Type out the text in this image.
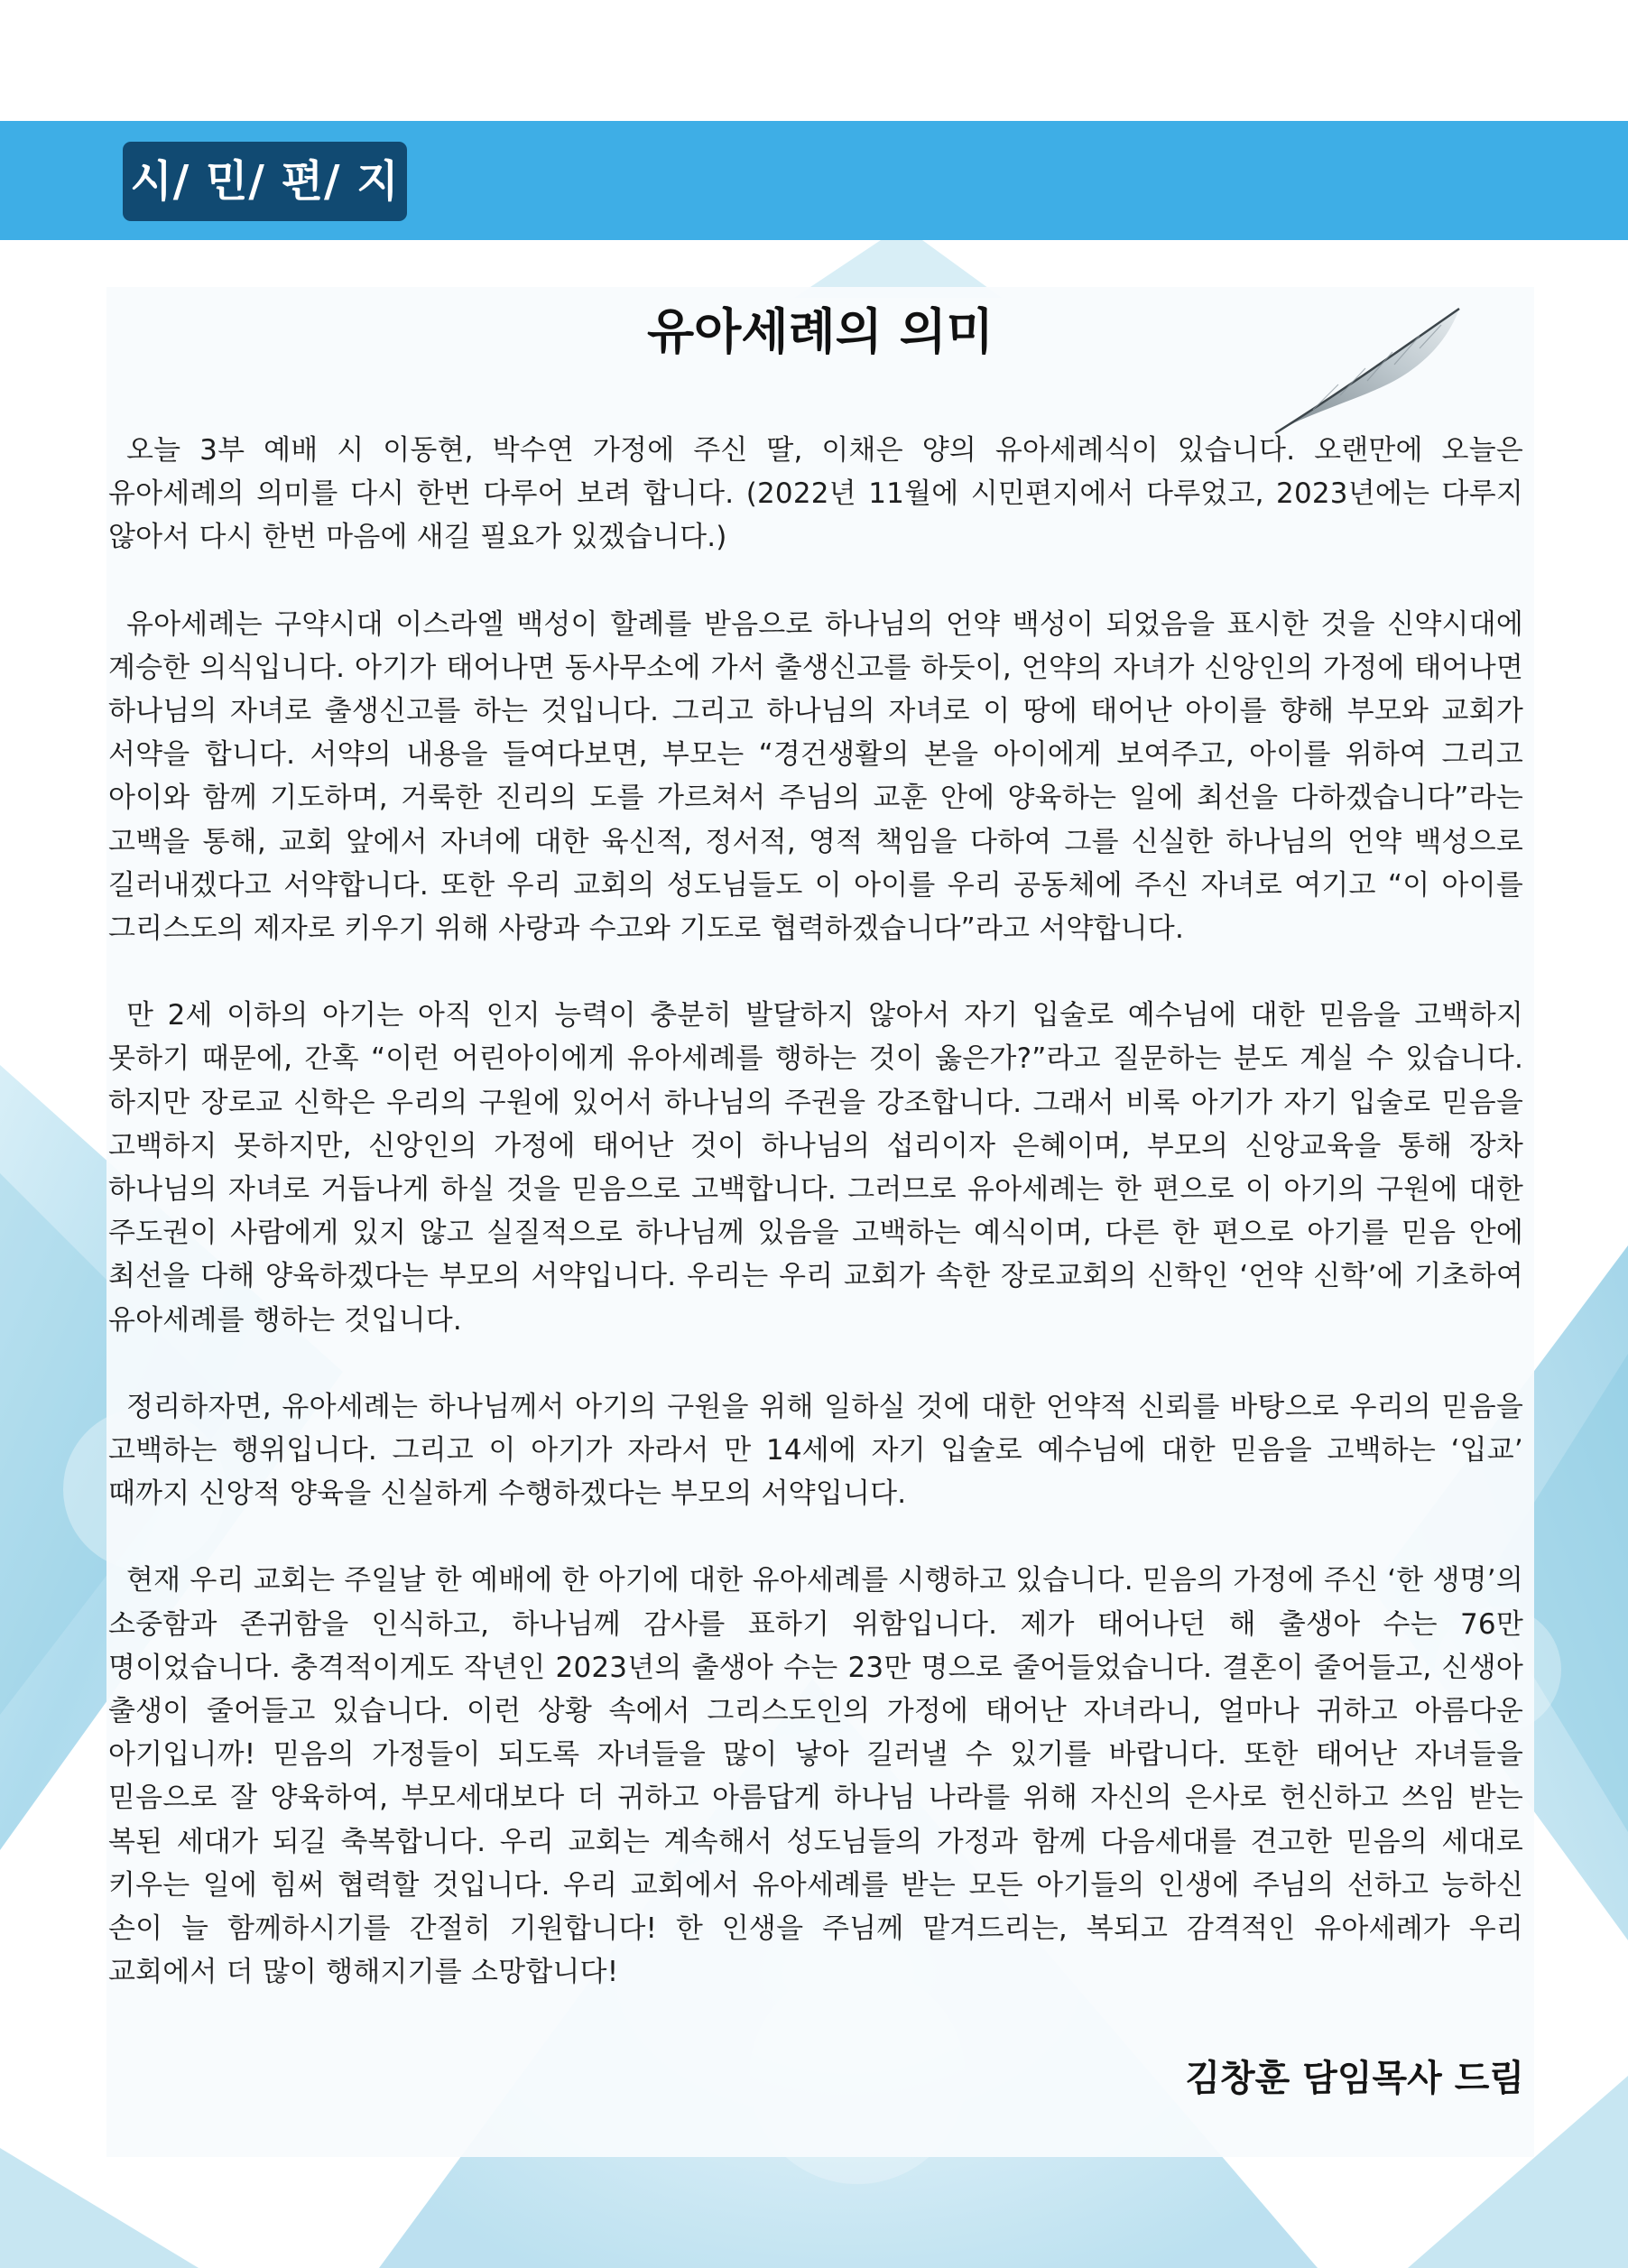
시/ 민/ 편/ 지
유아세례의 의미

오늘 3부 예배 시 이동현, 박수연 가정에 주신 딸, 이채은 양의 유아세례식이 있습니다. 오랜만에 오늘은 유아세례의 의미를 다시 한번 다루어 보려 합니다. (2022년 11월에 시민편지에서 다루었고, 2023년에는 다루지 않아서 다시 한번 마음에 새길 필요가 있겠습니다.)

유아세례는 구약시대 이스라엘 백성이 할례를 받음으로 하나님의 언약 백성이 되었음을 표시한 것을 신약시대에 계승한 의식입니다. 아기가 태어나면 동사무소에 가서 출생신고를 하듯이, 언약의 자녀가 신앙인의 가정에 태어나면 하나님의 자녀로 출생신고를 하는 것입니다. 그리고 하나님의 자녀로 이 땅에 태어난 아이를 향해 부모와 교회가 서약을 합니다. 서약의 내용을 들여다보면, 부모는 “경건생활의 본을 아이에게 보여주고, 아이를 위하여 그리고 아이와 함께 기도하며, 거룩한 진리의 도를 가르쳐서 주님의 교훈 안에 양육하는 일에 최선을 다하겠습니다”라는 고백을 통해, 교회 앞에서 자녀에 대한 육신적, 정서적, 영적 책임을 다하여 그를 신실한 하나님의 언약 백성으로 길러내겠다고 서약합니다. 또한 우리 교회의 성도님들도 이 아이를 우리 공동체에 주신 자녀로 여기고 “이 아이를 그리스도의 제자로 키우기 위해 사랑과 수고와 기도로 협력하겠습니다”라고 서약합니다.

만 2세 이하의 아기는 아직 인지 능력이 충분히 발달하지 않아서 자기 입술로 예수님에 대한 믿음을 고백하지 못하기 때문에, 간혹 “이런 어린아이에게 유아세례를 행하는 것이 옳은가?”라고 질문하는 분도 계실 수 있습니다. 하지만 장로교 신학은 우리의 구원에 있어서 하나님의 주권을 강조합니다. 그래서 비록 아기가 자기 입술로 믿음을 고백하지 못하지만, 신앙인의 가정에 태어난 것이 하나님의 섭리이자 은혜이며, 부모의 신앙교육을 통해 장차 하나님의 자녀로 거듭나게 하실 것을 믿음으로 고백합니다. 그러므로 유아세례는 한 편으로 이 아기의 구원에 대한 주도권이 사람에게 있지 않고 실질적으로 하나님께 있음을 고백하는 예식이며, 다른 한 편으로 아기를 믿음 안에 최선을 다해 양육하겠다는 부모의 서약입니다. 우리는 우리 교회가 속한 장로교회의 신학인 ‘언약 신학’에 기초하여 유아세례를 행하는 것입니다.

정리하자면, 유아세례는 하나님께서 아기의 구원을 위해 일하실 것에 대한 언약적 신뢰를 바탕으로 우리의 믿음을 고백하는 행위입니다. 그리고 이 아기가 자라서 만 14세에 자기 입술로 예수님에 대한 믿음을 고백하는 ‘입교’ 때까지 신앙적 양육을 신실하게 수행하겠다는 부모의 서약입니다.

현재 우리 교회는 주일날 한 예배에 한 아기에 대한 유아세례를 시행하고 있습니다. 믿음의 가정에 주신 ‘한 생명’의 소중함과 존귀함을 인식하고, 하나님께 감사를 표하기 위함입니다. 제가 태어나던 해 출생아 수는 76만 명이었습니다. 충격적이게도 작년인 2023년의 출생아 수는 23만 명으로 줄어들었습니다. 결혼이 줄어들고, 신생아 출생이 줄어들고 있습니다. 이런 상황 속에서 그리스도인의 가정에 태어난 자녀라니, 얼마나 귀하고 아름다운 아기입니까! 믿음의 가정들이 되도록 자녀들을 많이 낳아 길러낼 수 있기를 바랍니다. 또한 태어난 자녀들을 믿음으로 잘 양육하여, 부모세대보다 더 귀하고 아름답게 하나님 나라를 위해 자신의 은사로 헌신하고 쓰임 받는 복된 세대가 되길 축복합니다. 우리 교회는 계속해서 성도님들의 가정과 함께 다음세대를 견고한 믿음의 세대로 키우는 일에 힘써 협력할 것입니다. 우리 교회에서 유아세례를 받는 모든 아기들의 인생에 주님의 선하고 능하신 손이 늘 함께하시기를 간절히 기원합니다! 한 인생을 주님께 맡겨드리는, 복되고 감격적인 유아세례가 우리 교회에서 더 많이 행해지기를 소망합니다!

김창훈 담임목사 드림
